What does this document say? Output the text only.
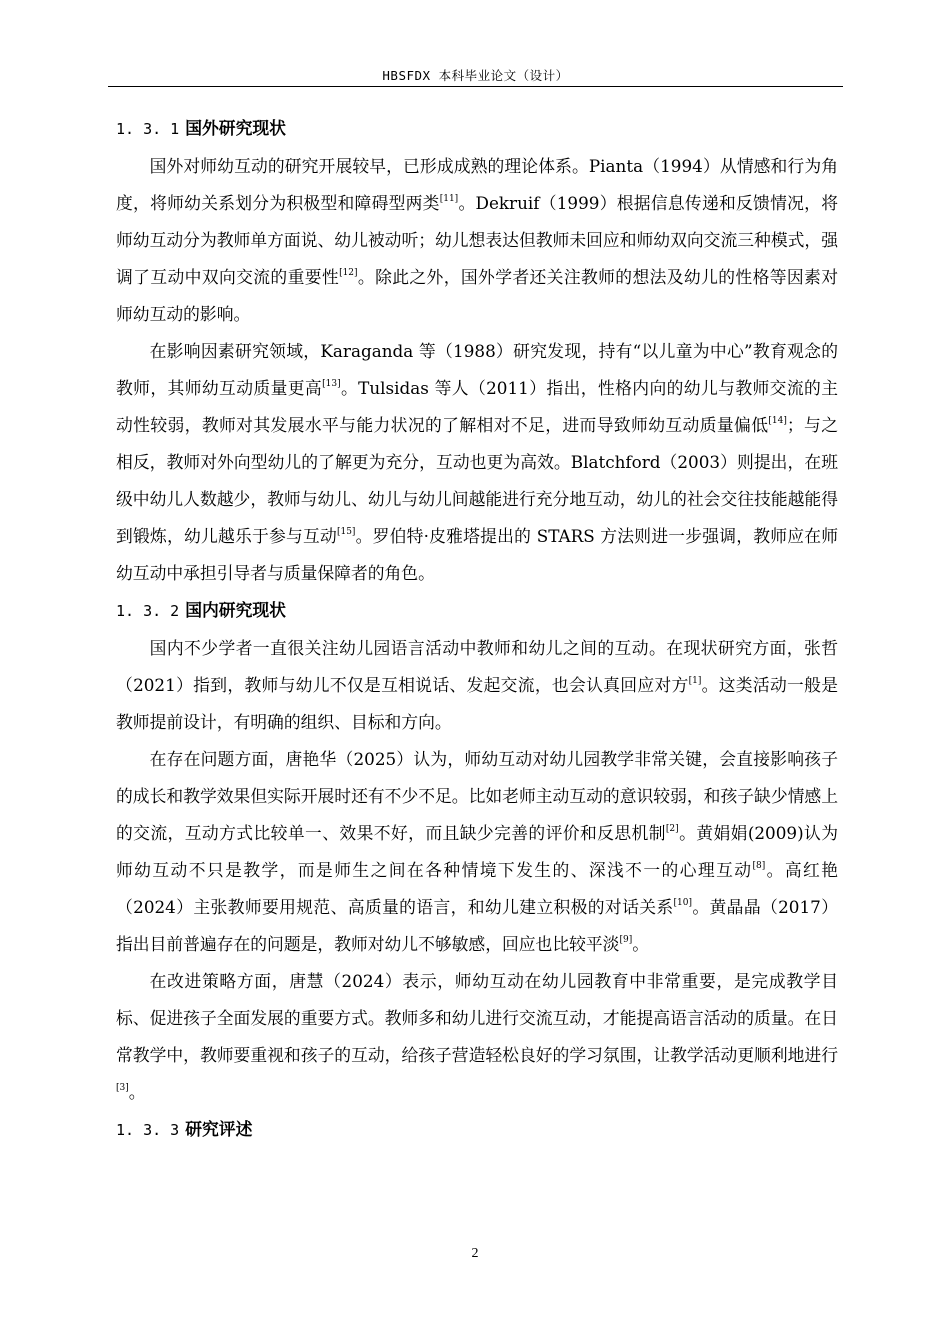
HBSFDX 本科毕业论文（设计）
1. 3. 1 国外研究现状

国外对师幼互动的研究开展较早，已形成成熟的理论体系。Pianta（1994）从情感和行为角度，将师幼关系划分为积极型和障碍型两类[11]。Dekruif（1999）根据信息传递和反馈情况，将师幼互动分为教师单方面说、幼儿被动听；幼儿想表达但教师未回应和师幼双向交流三种模式，强调了互动中双向交流的重要性[12]。除此之外，国外学者还关注教师的想法及幼儿的性格等因素对师幼互动的影响。

在影响因素研究领域，Karaganda 等（1988）研究发现，持有“以儿童为中心”教育观念的教师，其师幼互动质量更高[13]。Tulsidas 等人（2011）指出，性格内向的幼儿与教师交流的主动性较弱，教师对其发展水平与能力状况的了解相对不足，进而导致师幼互动质量偏低[14]；与之相反，教师对外向型幼儿的了解更为充分，互动也更为高效。Blatchford（2003）则提出，在班级中幼儿人数越少，教师与幼儿、幼儿与幼儿间越能进行充分地互动，幼儿的社会交往技能越能得到锻炼，幼儿越乐于参与互动[15]。罗伯特·皮雅塔提出的 STARS 方法则进一步强调，教师应在师幼互动中承担引导者与质量保障者的角色。

1. 3. 2 国内研究现状

国内不少学者一直很关注幼儿园语言活动中教师和幼儿之间的互动。在现状研究方面，张哲（2021）指到，教师与幼儿不仅是互相说话、发起交流，也会认真回应对方[1]。这类活动一般是教师提前设计，有明确的组织、目标和方向。

在存在问题方面，唐艳华（2025）认为，师幼互动对幼儿园教学非常关键，会直接影响孩子的成长和教学效果但实际开展时还有不少不足。比如老师主动互动的意识较弱，和孩子缺少情感上的交流，互动方式比较单一、效果不好，而且缺少完善的评价和反思机制[2]。黄娟娟(2009)认为师幼互动不只是教学，而是师生之间在各种情境下发生的、深浅不一的心理互动[8]。高红艳（2024）主张教师要用规范、高质量的语言，和幼儿建立积极的对话关系[10]。黄晶晶（2017）指出目前普遍存在的问题是，教师对幼儿不够敏感，回应也比较平淡[9]。

在改进策略方面，唐慧（2024）表示，师幼互动在幼儿园教育中非常重要，是完成教学目标、促进孩子全面发展的重要方式。教师多和幼儿进行交流互动，才能提高语言活动的质量。在日常教学中，教师要重视和孩子的互动，给孩子营造轻松良好的学习氛围，让教学活动更顺利地进行[3]。

1. 3. 3 研究评述
2
